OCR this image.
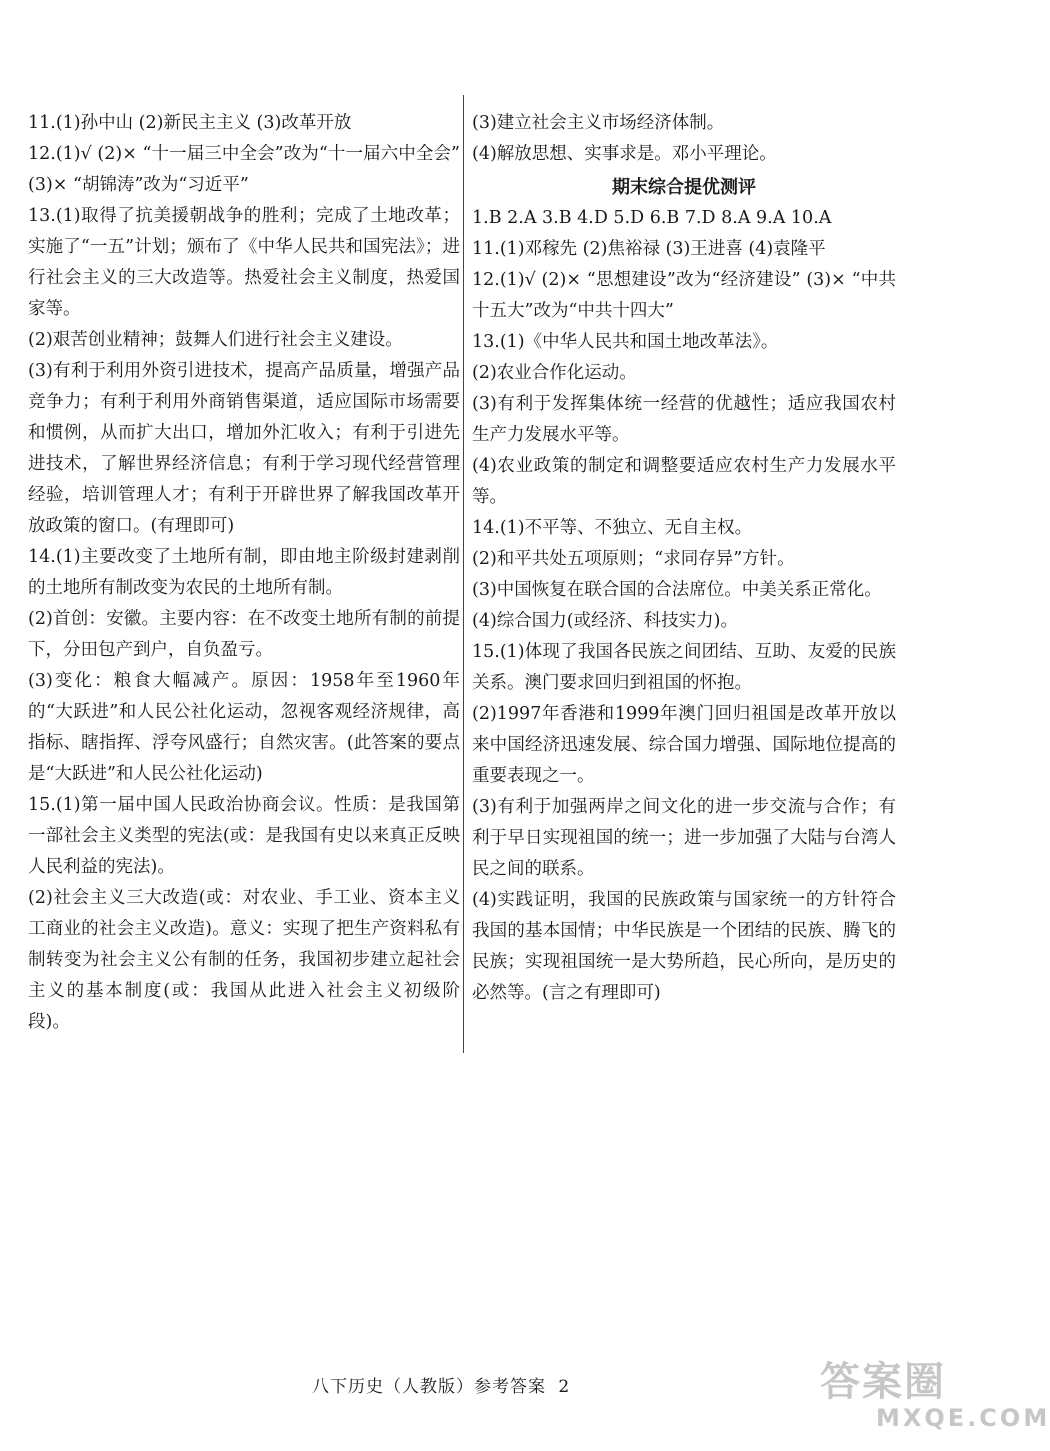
11.(1)孙中山 (2)新民主主义 (3)改革开放

12.(1)√ (2)× “十一届三中全会”改为“十一届六中全会” (3)× “胡锦涛”改为“习近平”

13.(1)取得了抗美援朝战争的胜利；完成了土地改革；实施了“一五”计划；颁布了《中华人民共和国宪法》；进行社会主义的三大改造等。热爱社会主义制度，热爱国家等。

(2)艰苦创业精神；鼓舞人们进行社会主义建设。

(3)有利于利用外资引进技术，提高产品质量，增强产品竞争力；有利于利用外商销售渠道，适应国际市场需要和惯例，从而扩大出口，增加外汇收入；有利于引进先进技术，了解世界经济信息；有利于学习现代经营管理经验，培训管理人才；有利于开辟世界了解我国改革开放政策的窗口。(有理即可)

14.(1)主要改变了土地所有制，即由地主阶级封建剥削的土地所有制改变为农民的土地所有制。

(2)首创：安徽。主要内容：在不改变土地所有制的前提下，分田包产到户，自负盈亏。

(3)变化：粮食大幅减产。原因：1958年至1960年的“大跃进”和人民公社化运动，忽视客观经济规律，高指标、瞎指挥、浮夸风盛行；自然灾害。(此答案的要点是“大跃进”和人民公社化运动)

15.(1)第一届中国人民政治协商会议。性质：是我国第一部社会主义类型的宪法(或：是我国有史以来真正反映人民利益的宪法)。

(2)社会主义三大改造(或：对农业、手工业、资本主义工商业的社会主义改造)。意义：实现了把生产资料私有制转变为社会主义公有制的任务，我国初步建立起社会主义的基本制度(或：我国从此进入社会主义初级阶段)。

(3)建立社会主义市场经济体制。

(4)解放思想、实事求是。邓小平理论。

期末综合提优测评

1.B 2.A 3.B 4.D 5.D 6.B 7.D 8.A 9.A 10.A

11.(1)邓稼先 (2)焦裕禄 (3)王进喜 (4)袁隆平

12.(1)√ (2)× “思想建设”改为“经济建设” (3)× “中共十五大”改为“中共十四大”

13.(1)《中华人民共和国土地改革法》。

(2)农业合作化运动。

(3)有利于发挥集体统一经营的优越性；适应我国农村生产力发展水平等。

(4)农业政策的制定和调整要适应农村生产力发展水平等。

14.(1)不平等、不独立、无自主权。

(2)和平共处五项原则；“求同存异”方针。

(3)中国恢复在联合国的合法席位。中美关系正常化。

(4)综合国力(或经济、科技实力)。

15.(1)体现了我国各民族之间团结、互助、友爱的民族关系。澳门要求回归到祖国的怀抱。

(2)1997年香港和1999年澳门回归祖国是改革开放以来中国经济迅速发展、综合国力增强、国际地位提高的重要表现之一。

(3)有利于加强两岸之间文化的进一步交流与合作；有利于早日实现祖国的统一；进一步加强了大陆与台湾人民之间的联系。

(4)实践证明，我国的民族政策与国家统一的方针符合我国的基本国情；中华民族是一个团结的民族、腾飞的民族；实现祖国统一是大势所趋，民心所向，是历史的必然等。(言之有理即可)

八下历史（人教版）参考答案 2	答案圈
MXQE.COM
